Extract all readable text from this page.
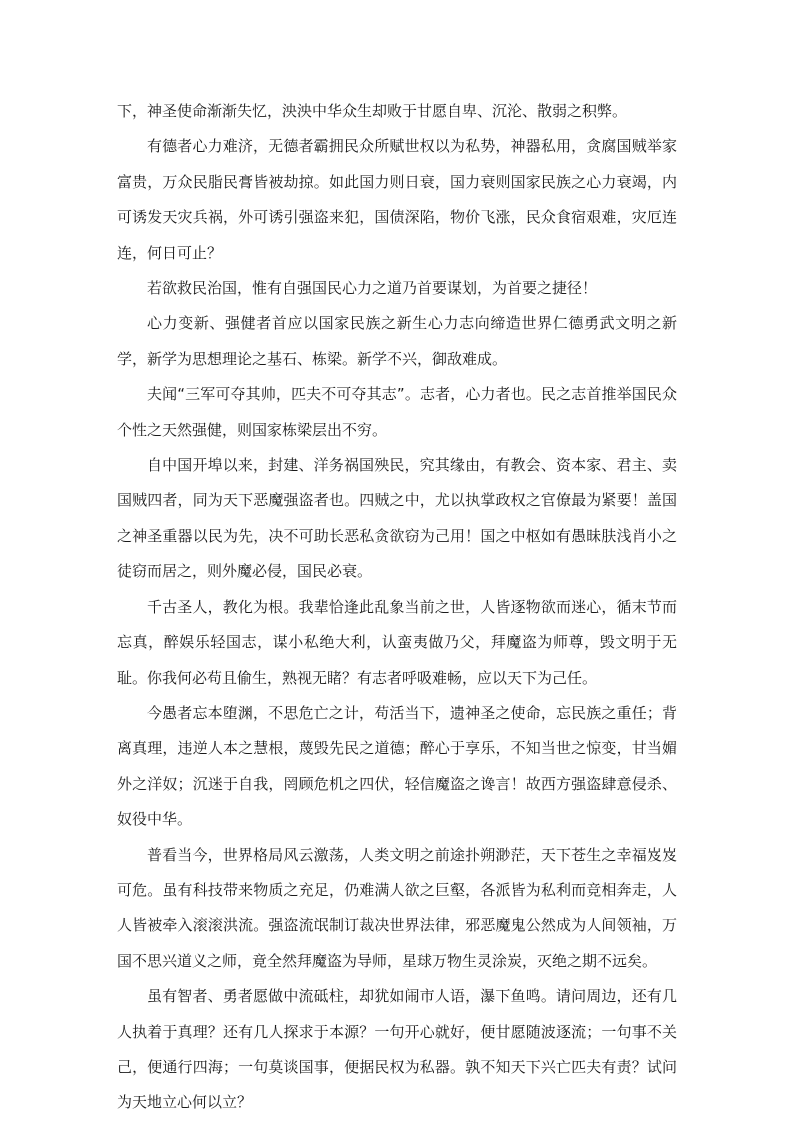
下，神圣使命渐渐失忆，泱泱中华众生却败于甘愿自卑、沉沦、散弱之积弊。

有德者心力难济，无德者霸拥民众所赋世权以为私势，神器私用，贪腐国贼举家富贵，万众民脂民膏皆被劫掠。如此国力则日衰，国力衰则国家民族之心力衰竭，内可诱发天灾兵祸，外可诱引强盗来犯，国债深陷，物价飞涨，民众食宿艰难，灾厄连连，何日可止？

若欲救民治国，惟有自强国民心力之道乃首要谋划，为首要之捷径！

心力变新、强健者首应以国家民族之新生心力志向缔造世界仁德勇武文明之新学，新学为思想理论之基石、栋梁。新学不兴，御敌难成。

夫闻“三军可夺其帅，匹夫不可夺其志”。志者，心力者也。民之志首推举国民众个性之天然强健，则国家栋梁层出不穷。

自中国开埠以来，封建、洋务祸国殃民，究其缘由，有教会、资本家、君主、卖国贼四者，同为天下恶魔强盗者也。四贼之中，尤以执掌政权之官僚最为紧要！盖国之神圣重器以民为先，决不可助长恶私贪欲窃为己用！国之中枢如有愚昧肤浅肖小之徒窃而居之，则外魔必侵，国民必衰。

千古圣人，教化为根。我辈恰逢此乱象当前之世，人皆逐物欲而迷心，循末节而忘真，醉娱乐轻国志，谋小私绝大利，认蛮夷做乃父，拜魔盗为师尊，毁文明于无耻。你我何必苟且偷生，熟视无睹？有志者呼吸难畅，应以天下为己任。

今愚者忘本堕渊，不思危亡之计，苟活当下，遗神圣之使命，忘民族之重任；背离真理，违逆人本之慧根，蔑毁先民之道德；醉心于享乐，不知当世之惊变，甘当媚外之洋奴；沉迷于自我，罔顾危机之四伏，轻信魔盗之谗言！故西方强盗肆意侵杀、奴役中华。

普看当今，世界格局风云激荡，人类文明之前途扑朔渺茫，天下苍生之幸福岌岌可危。虽有科技带来物质之充足，仍难满人欲之巨壑，各派皆为私利而竞相奔走，人人皆被牵入滚滚洪流。强盗流氓制订裁决世界法律，邪恶魔鬼公然成为人间领袖，万国不思兴道义之师，竟全然拜魔盗为导师，星球万物生灵涂炭，灭绝之期不远矣。

虽有智者、勇者愿做中流砥柱，却犹如闹市人语，瀑下鱼鸣。请问周边，还有几人执着于真理？还有几人探求于本源？一句开心就好，便甘愿随波逐流；一句事不关己，便通行四海；一句莫谈国事，便据民权为私器。孰不知天下兴亡匹夫有责？试问为天地立心何以立？
